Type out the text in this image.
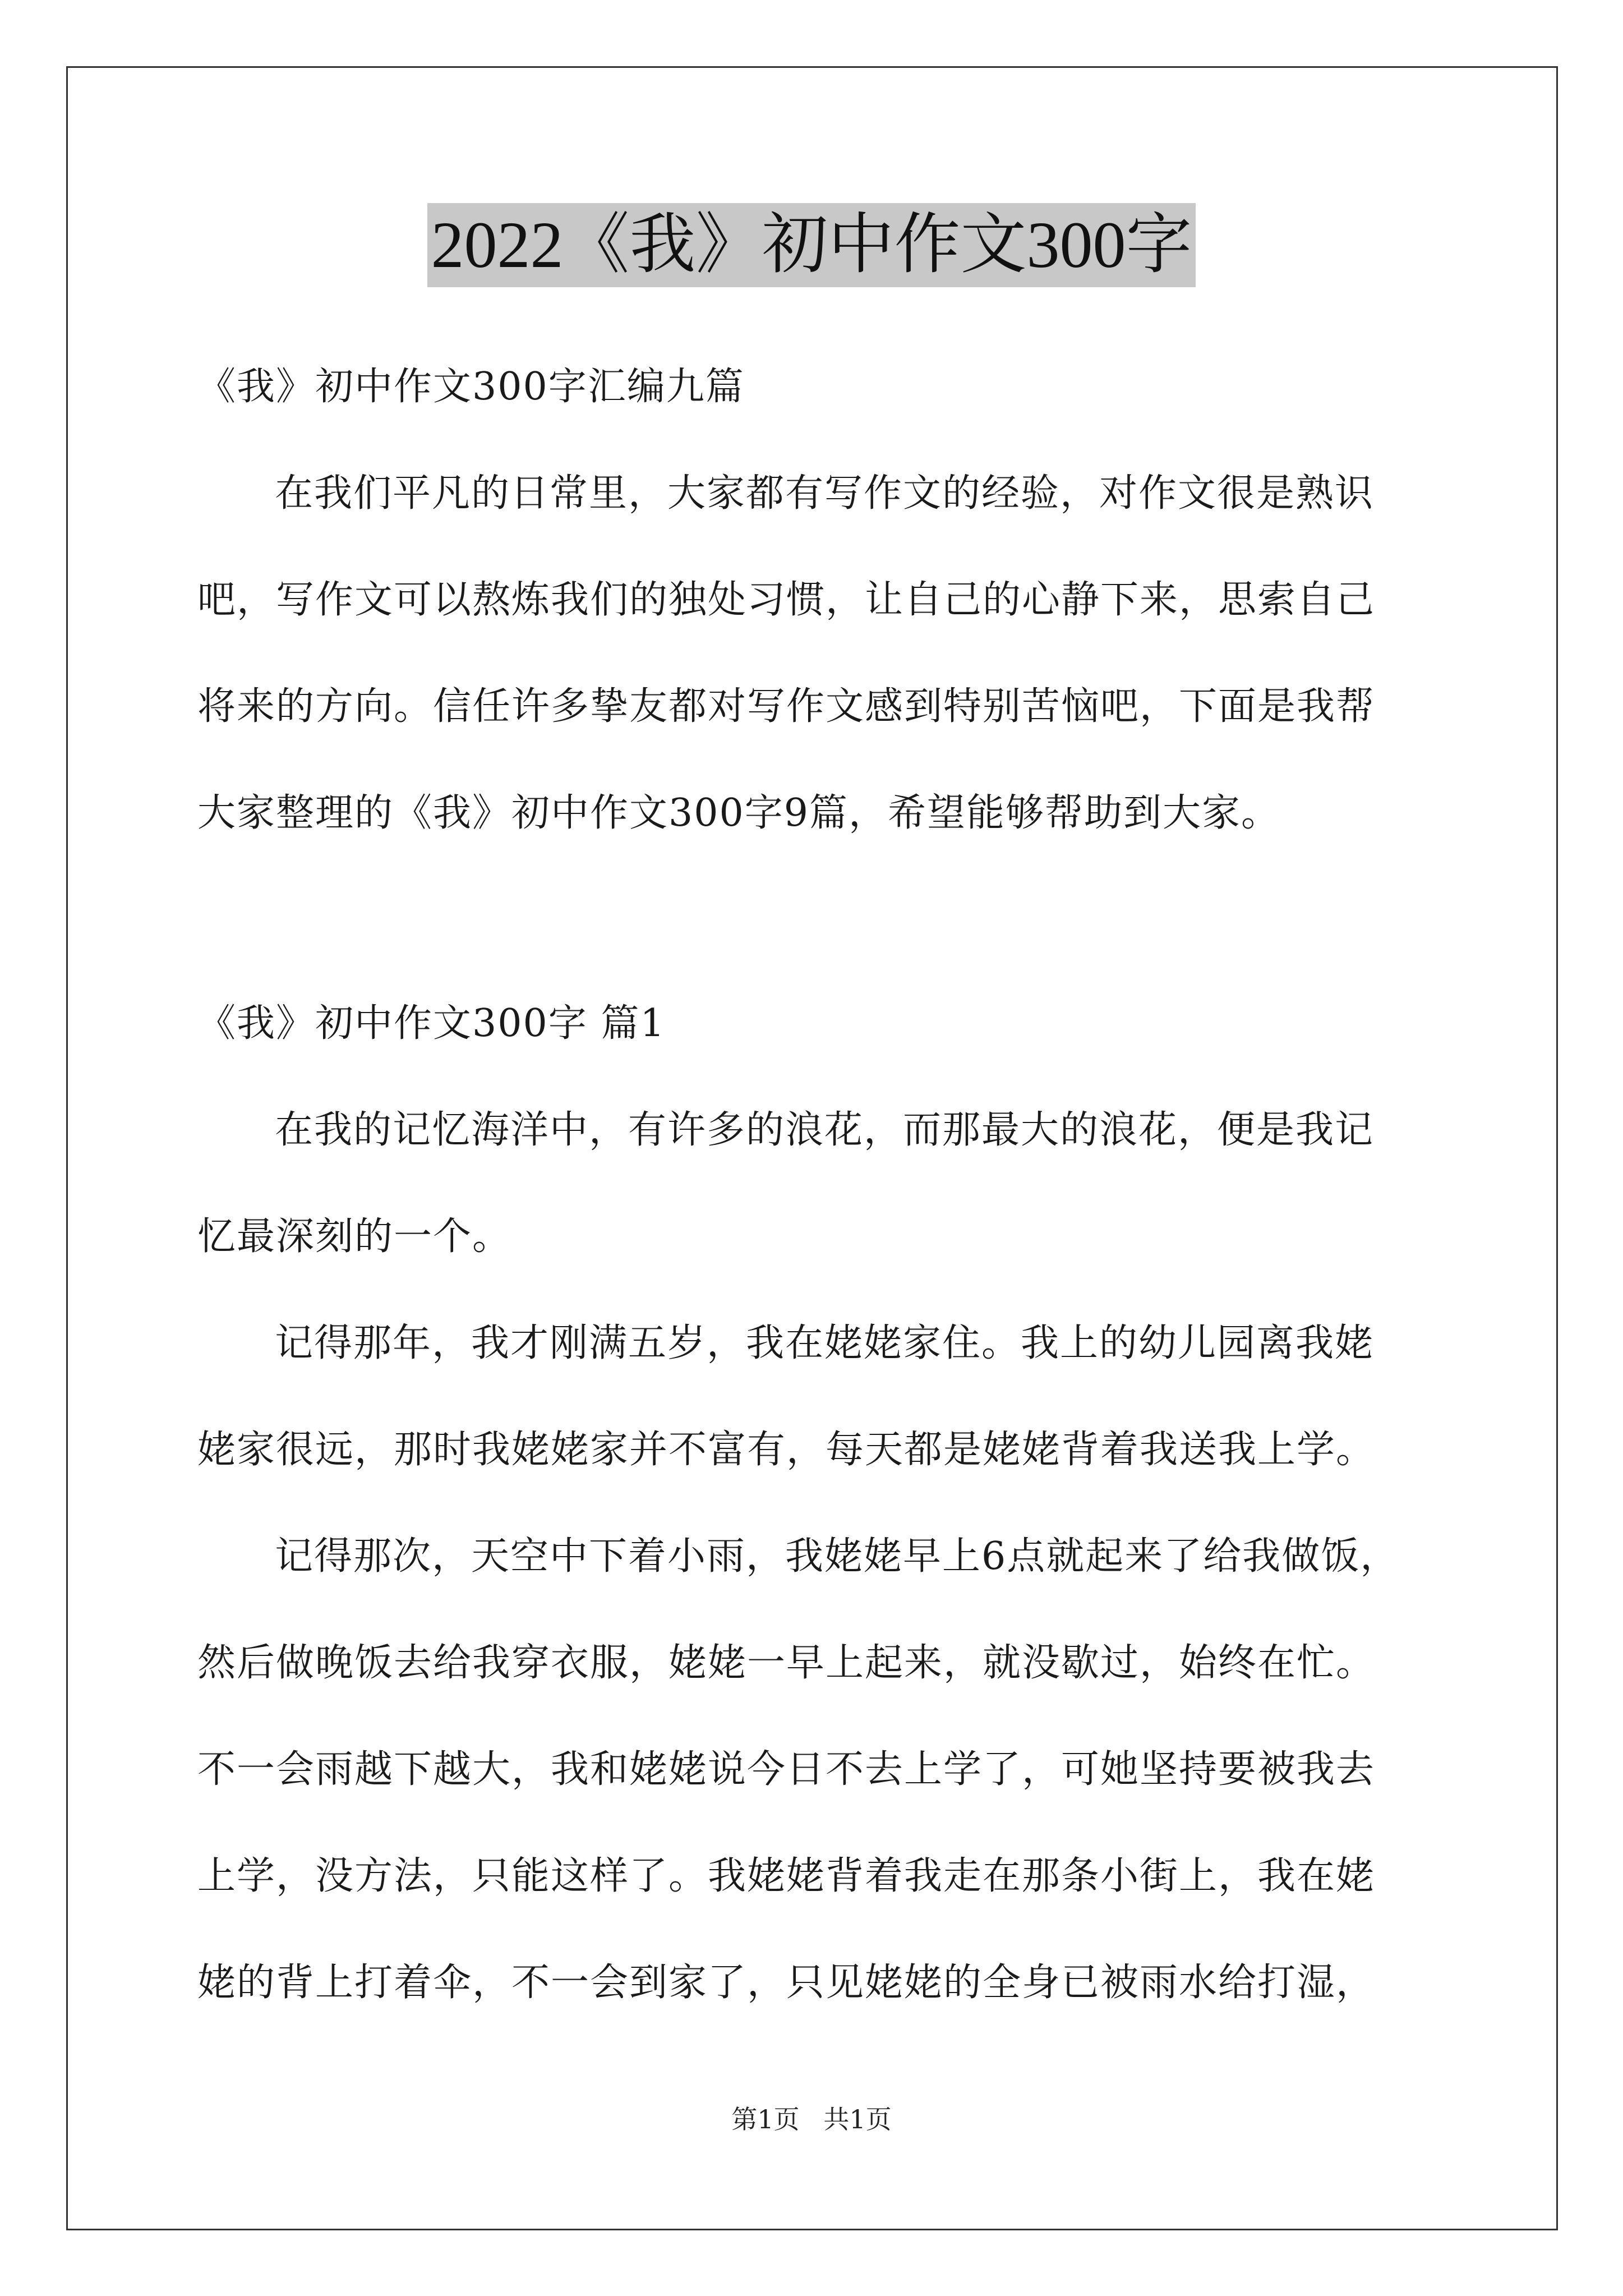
2022《我》初中作文300字
《我》初中作文300字汇编九篇
在我们平凡的日常里，大家都有写作文的经验，对作文很是熟识
吧，写作文可以熬炼我们的独处习惯，让自己的心静下来，思索自己
将来的方向。信任许多挚友都对写作文感到特别苦恼吧，下面是我帮
大家整理的《我》初中作文300字9篇，希望能够帮助到大家。
《我》初中作文300字 篇1
在我的记忆海洋中，有许多的浪花，而那最大的浪花，便是我记
忆最深刻的一个。
记得那年，我才刚满五岁，我在姥姥家住。我上的幼儿园离我姥
姥家很远，那时我姥姥家并不富有，每天都是姥姥背着我送我上学。
记得那次，天空中下着小雨，我姥姥早上6点就起来了给我做饭，
然后做晚饭去给我穿衣服，姥姥一早上起来，就没歇过，始终在忙。
不一会雨越下越大，我和姥姥说今日不去上学了，可她坚持要被我去
上学，没方法，只能这样了。我姥姥背着我走在那条小街上，我在姥
姥的背上打着伞，不一会到家了，只见姥姥的全身已被雨水给打湿，
第1页 共1页
